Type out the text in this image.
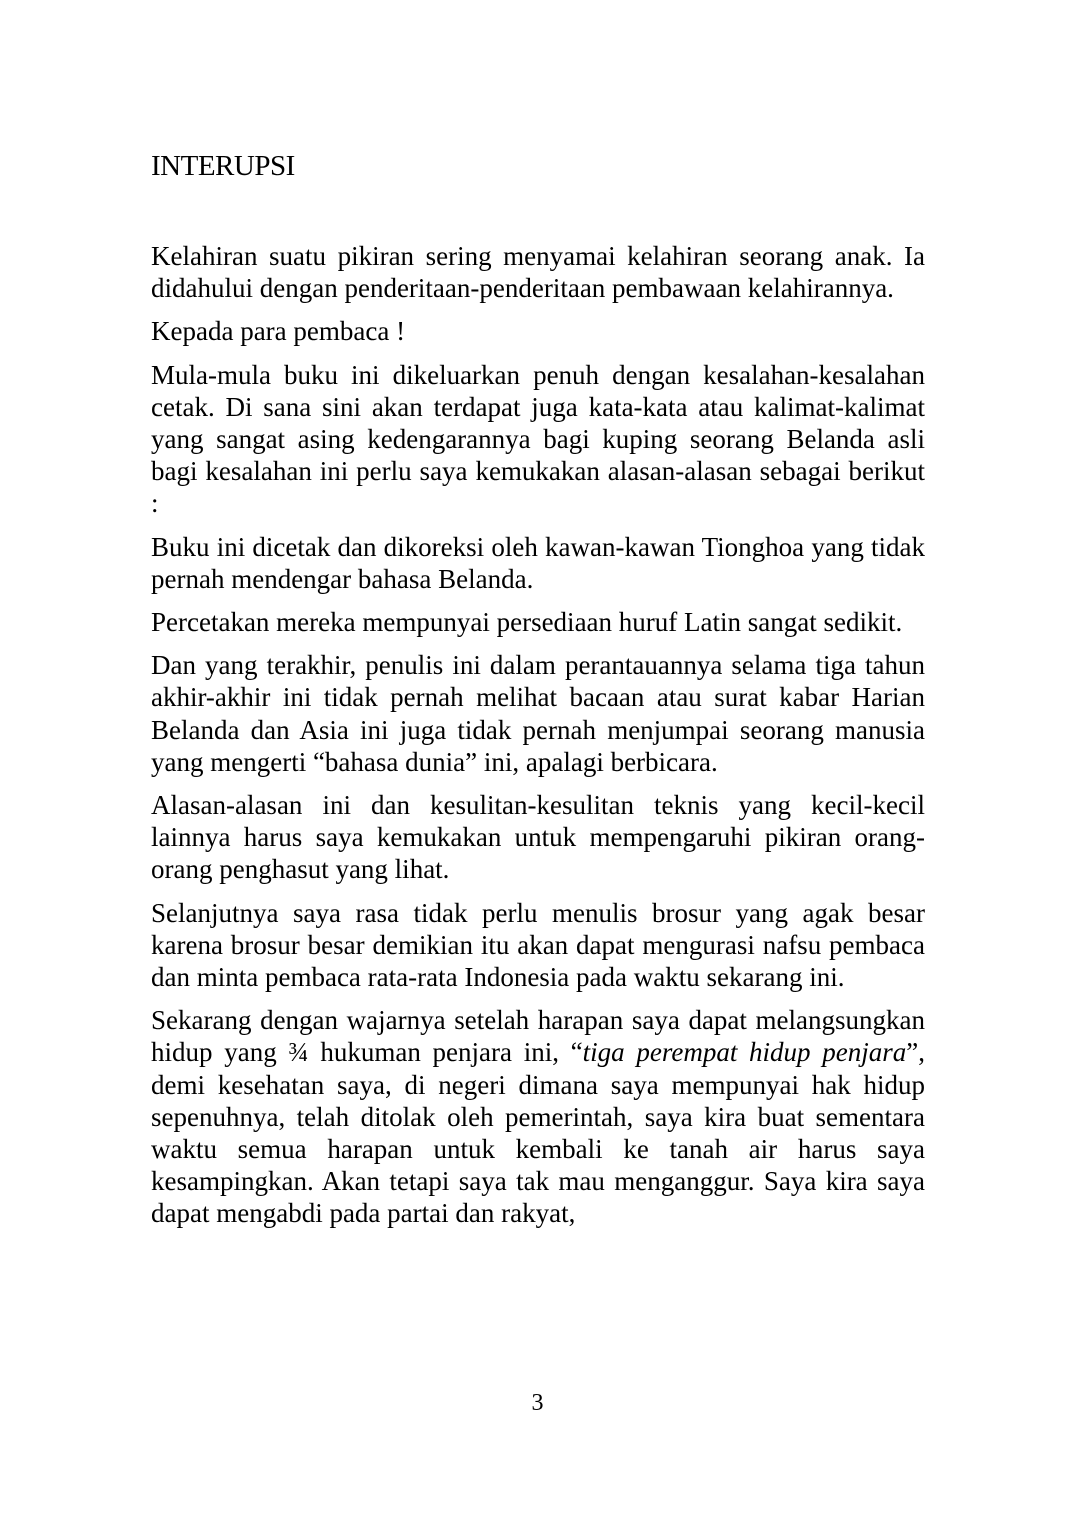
INTERUPSI

Kelahiran suatu pikiran sering menyamai kelahiran seorang anak. Ia didahului dengan penderitaan-penderitaan pembawaan kelahirannya.

Kepada para pembaca !

Mula-mula buku ini dikeluarkan penuh dengan kesalahan-kesalahan cetak. Di sana sini akan terdapat juga kata-kata atau kalimat-kalimat yang sangat asing kedengarannya bagi kuping seorang Belanda asli bagi kesalahan ini perlu saya kemukakan alasan-alasan sebagai berikut :

Buku ini dicetak dan dikoreksi oleh kawan-kawan Tionghoa yang tidak pernah mendengar bahasa Belanda.

Percetakan mereka mempunyai persediaan huruf Latin sangat sedikit.

Dan yang terakhir, penulis ini dalam perantauannya selama tiga tahun akhir-akhir ini tidak pernah melihat bacaan atau surat kabar Harian Belanda dan Asia ini juga tidak pernah menjumpai seorang manusia yang mengerti “bahasa dunia” ini, apalagi berbicara.

Alasan-alasan ini dan kesulitan-kesulitan teknis yang kecil-kecil lainnya harus saya kemukakan untuk mempengaruhi pikiran orang-orang penghasut yang lihat.

Selanjutnya saya rasa tidak perlu menulis brosur yang agak besar karena brosur besar demikian itu akan dapat mengurasi nafsu pembaca dan minta pembaca rata-rata Indonesia pada waktu sekarang ini.

Sekarang dengan wajarnya setelah harapan saya dapat melangsungkan hidup yang ¾ hukuman penjara ini, “tiga perempat hidup penjara”, demi kesehatan saya, di negeri dimana saya mempunyai hak hidup sepenuhnya, telah ditolak oleh pemerintah, saya kira buat sementara waktu semua harapan untuk kembali ke tanah air harus saya kesampingkan. Akan tetapi saya tak mau menganggur. Saya kira saya dapat mengabdi pada partai dan rakyat,

3
